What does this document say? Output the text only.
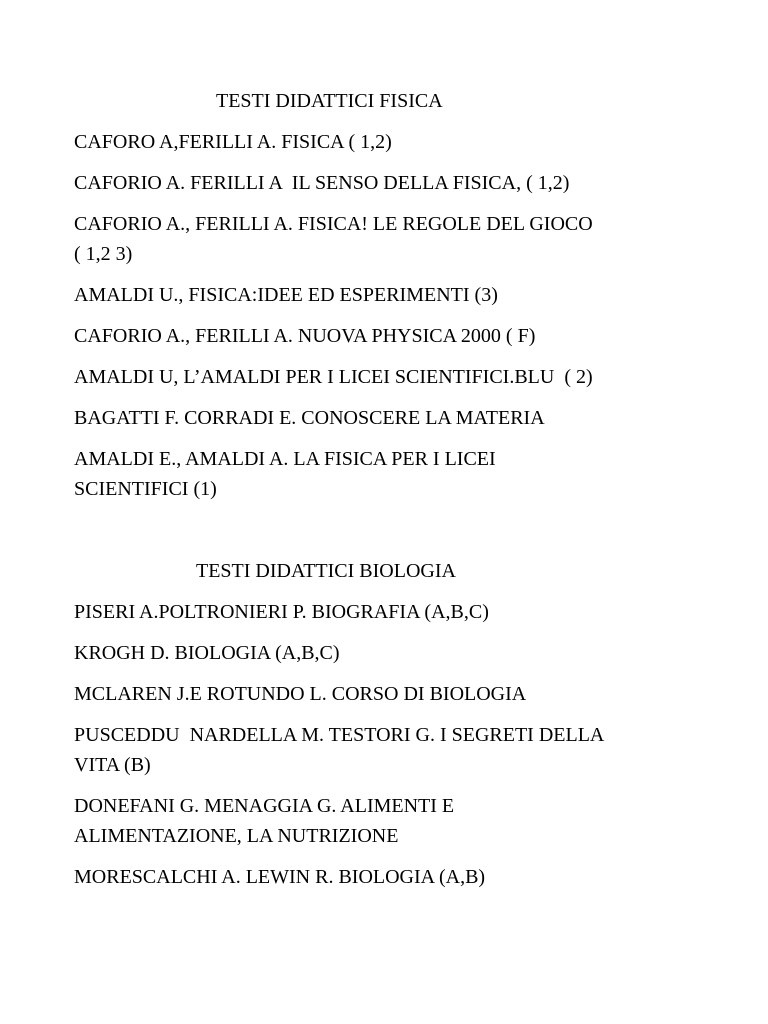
TESTI DIDATTICI FISICA
CAFORO A,FERILLI A. FISICA ( 1,2)
CAFORIO A. FERILLI A  IL SENSO DELLA FISICA, ( 1,2)
CAFORIO A., FERILLI A. FISICA! LE REGOLE DEL GIOCO
( 1,2 3)
AMALDI U., FISICA:IDEE ED ESPERIMENTI (3)
CAFORIO A., FERILLI A. NUOVA PHYSICA 2000 ( F)
AMALDI U, L’AMALDI PER I LICEI SCIENTIFICI.BLU  ( 2)
BAGATTI F. CORRADI E. CONOSCERE LA MATERIA
AMALDI E., AMALDI A. LA FISICA PER I LICEI
SCIENTIFICI (1)
TESTI DIDATTICI BIOLOGIA
PISERI A.POLTRONIERI P. BIOGRAFIA (A,B,C)
KROGH D. BIOLOGIA (A,B,C)
MCLAREN J.E ROTUNDO L. CORSO DI BIOLOGIA
PUSCEDDU  NARDELLA M. TESTORI G. I SEGRETI DELLA
VITA (B)
DONEFANI G. MENAGGIA G. ALIMENTI E
ALIMENTAZIONE, LA NUTRIZIONE
MORESCALCHI A. LEWIN R. BIOLOGIA (A,B)
